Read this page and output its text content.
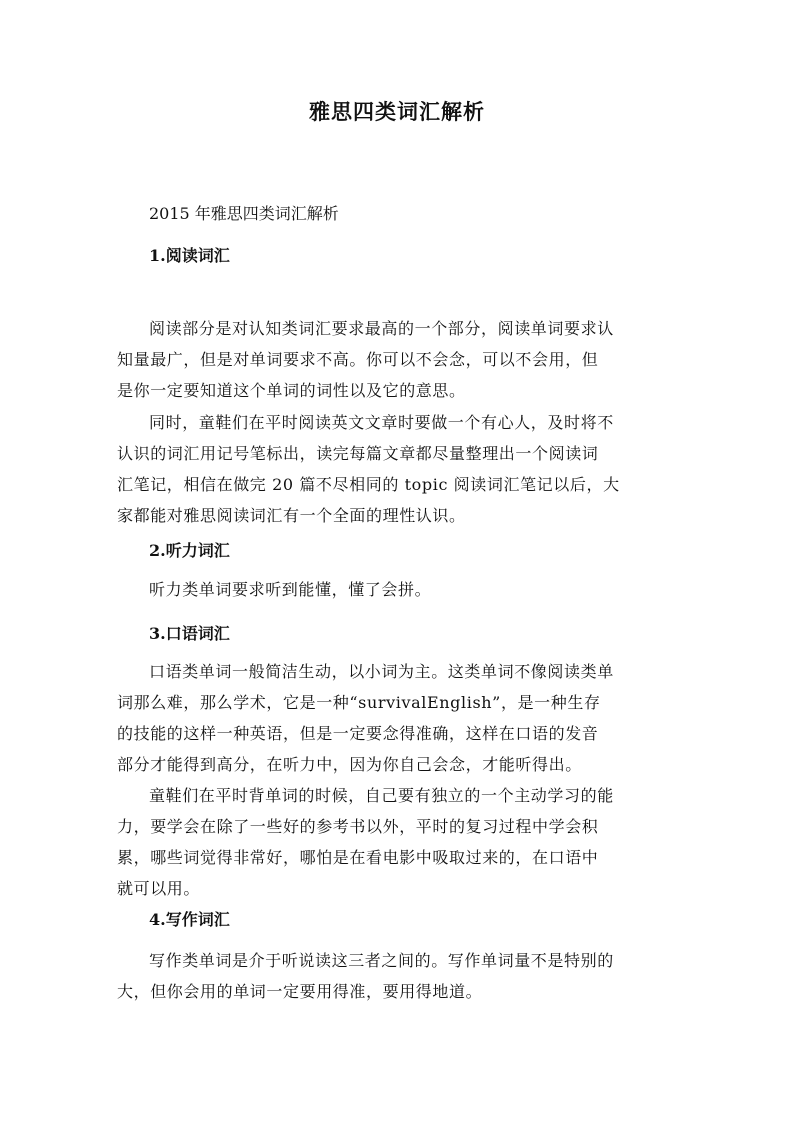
雅思四类词汇解析
2015 年雅思四类词汇解析
1.阅读词汇

阅读部分是对认知类词汇要求最高的一个部分，阅读单词要求认
知量最广，但是对单词要求不高。你可以不会念，可以不会用，但
是你一定要知道这个单词的词性以及它的意思。

同时，童鞋们在平时阅读英文文章时要做一个有心人，及时将不
认识的词汇用记号笔标出，读完每篇文章都尽量整理出一个阅读词
汇笔记，相信在做完 20 篇不尽相同的 topic 阅读词汇笔记以后，大
家都能对雅思阅读词汇有一个全面的理性认识。

2.听力词汇

听力类单词要求听到能懂，懂了会拼。

3.口语词汇

口语类单词一般简洁生动，以小词为主。这类单词不像阅读类单
词那么难，那么学术，它是一种“survivalEnglish”，是一种生存
的技能的这样一种英语，但是一定要念得准确，这样在口语的发音
部分才能得到高分，在听力中，因为你自己会念，才能听得出。

童鞋们在平时背单词的时候，自己要有独立的一个主动学习的能
力，要学会在除了一些好的参考书以外，平时的复习过程中学会积
累，哪些词觉得非常好，哪怕是在看电影中吸取过来的，在口语中
就可以用。

4.写作词汇

写作类单词是介于听说读这三者之间的。写作单词量不是特别的
大，但你会用的单词一定要用得准，要用得地道。
